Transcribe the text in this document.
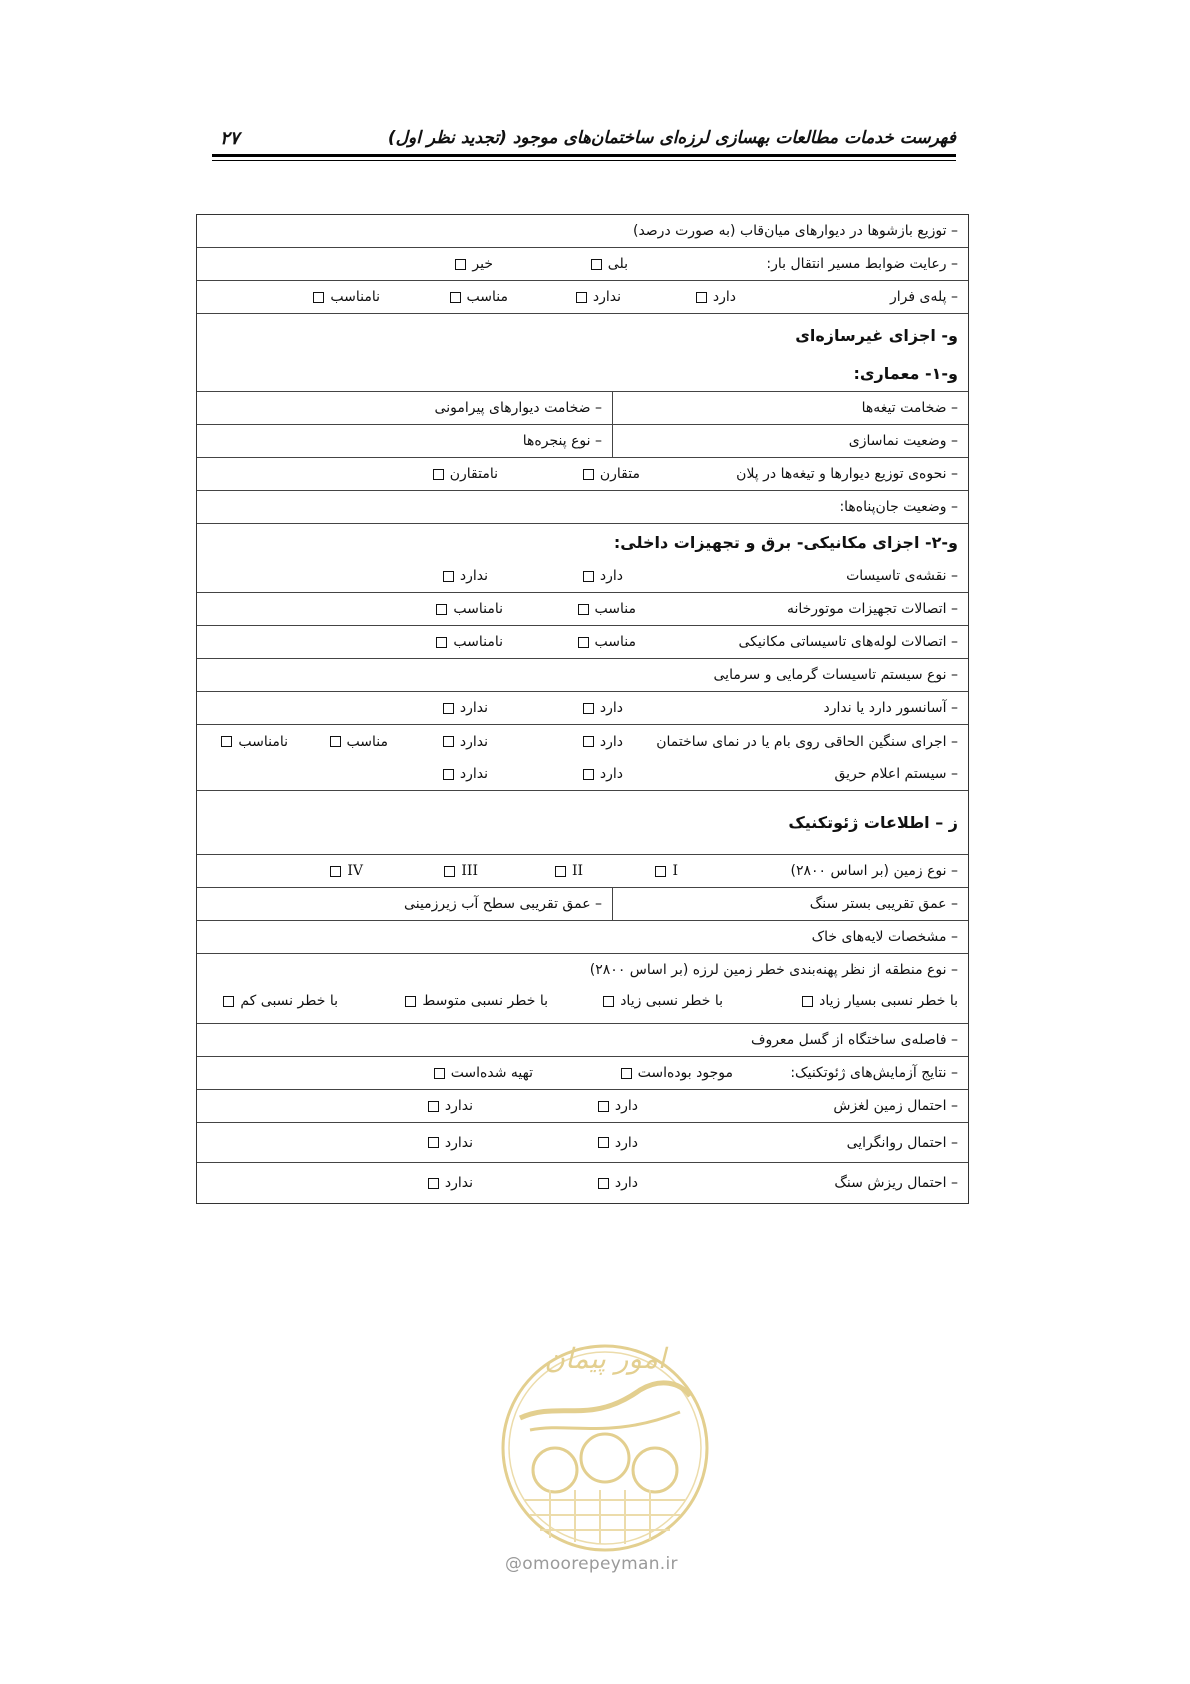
فهرست خدمات مطالعات بهسازی لرزه‌ای ساختمان‌های موجود (تجدید نظر اول)
۲۷
– توزیع بازشوها در دیوارهای میان‌قاب (به صورت درصد)
– رعایت ضوابط مسیر انتقال بار:
بلی
خیر
– پله‌ی فرار
دارد
ندارد
مناسب
نامناسب
و- اجزای غیرسازه‌ای
و-۱- معماری:
– ضخامت تیغه‌ها
– ضخامت دیوارهای پیرامونی
– وضعیت نماسازی
– نوع پنجره‌ها
– نحوه‌ی توزیع دیوارها و تیغه‌ها در پلان
متقارن
نامتقارن
– وضعیت جان‌پناه‌ها:
و-۲- اجزای مکانیکی- برق و تجهیزات داخلی:
– نقشه‌ی تاسیسات
دارد
ندارد
– اتصالات تجهیزات موتورخانه
مناسب
نامناسب
– اتصالات لوله‌های تاسیساتی مکانیکی
مناسب
نامناسب
– نوع سیستم تاسیسات گرمایی و سرمایی
– آسانسور دارد یا ندارد
دارد
ندارد
– اجرای سنگین الحاقی روی بام یا در نمای ساختمان
دارد
ندارد
مناسب
نامناسب
– سیستم اعلام حریق
دارد
ندارد
ز – اطلاعات ژئوتکنیک
– نوع زمین (بر اساس ۲۸۰۰)
I
II
III
IV
– عمق تقریبی بستر سنگ
– عمق تقریبی سطح آب زیرزمینی
– مشخصات لایه‌های خاک
– نوع منطقه از نظر پهنه‌بندی خطر زمین لرزه (بر اساس ۲۸۰۰)
با خطر نسبی بسیار زیاد
با خطر نسبی زیاد
با خطر نسبی متوسط
با خطر نسبی کم
– فاصله‌ی ساختگاه از گسل معروف
– نتایج آزمایش‌های ژئوتکنیک:
موجود بوده‌است
تهیه شده‌است
– احتمال زمین لغزش
دارد
ندارد
– احتمال روانگرایی
دارد
ندارد
– احتمال ریزش سنگ
دارد
ندارد
امور پیمان
@omoorepeyman.ir
